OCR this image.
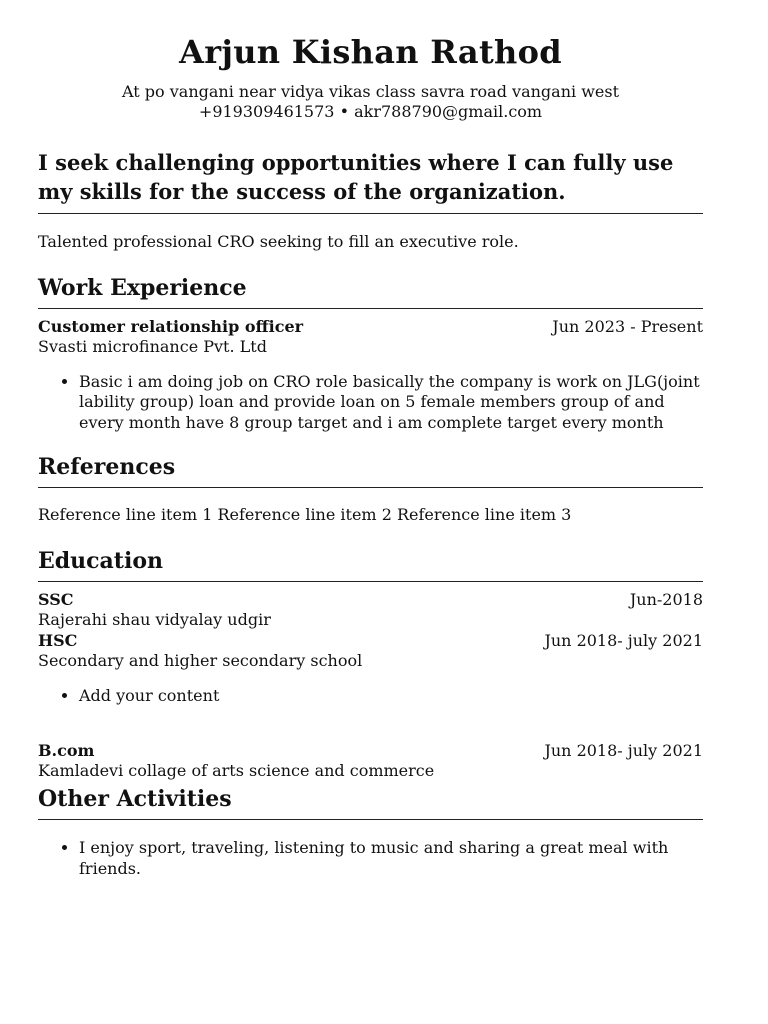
Arjun Kishan Rathod
At po vangani near vidya vikas class savra road vangani west
+919309461573 • akr788790@gmail.com
I seek challenging opportunities where I can fully use my skills for the success of the organization.
Talented professional CRO seeking to fill an executive role.
Work Experience
Customer relationship officer	Jun 2023 - Present
Svasti microfinance Pvt. Ltd
• Basic i am doing job on CRO role basically the company is work on JLG(joint lability group) loan and provide loan on 5 female members group of and every month have 8 group target and i am complete target every month
References
Reference line item 1 Reference line item 2 Reference line item 3
Education
SSC	Jun-2018
Rajerahi shau vidyalay udgir
HSC	Jun 2018- july 2021
Secondary and higher secondary school
• Add your content
B.com	Jun 2018- july 2021
Kamladevi collage of arts science and commerce
Other Activities
• I enjoy sport, traveling, listening to music and sharing a great meal with friends.
